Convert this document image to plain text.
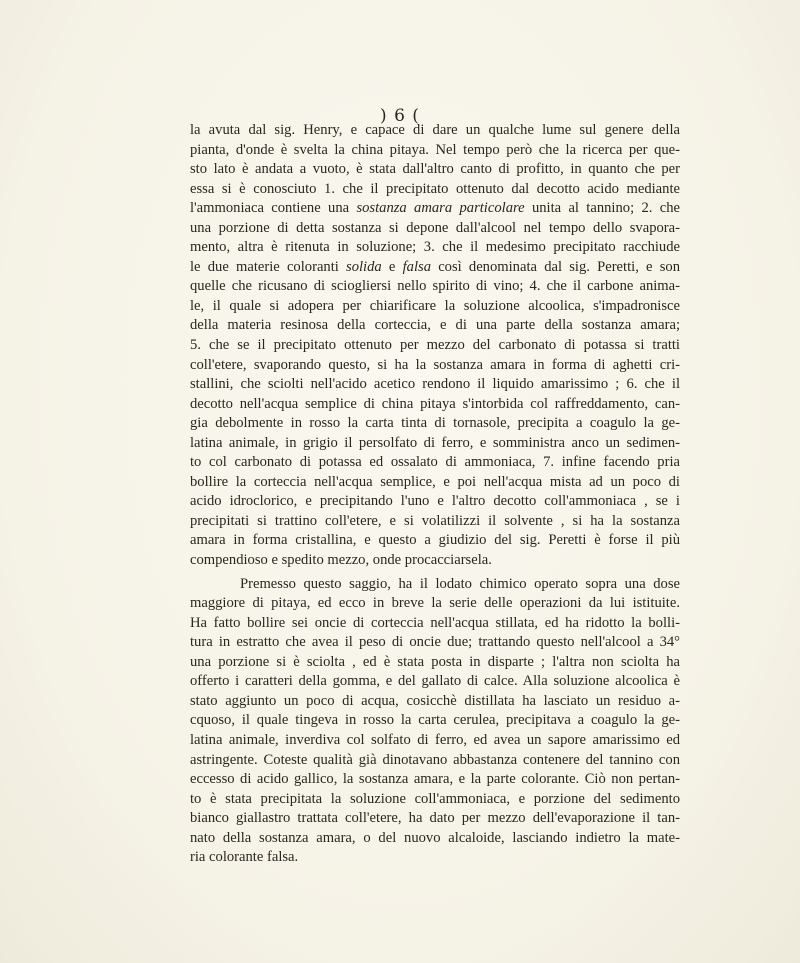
) 6 (
la avuta dal sig. Henry, e capace di dare un qualche lume sul genere della
pianta, d'onde è svelta la china pitaya. Nel tempo però che la ricerca per que-
sto lato è andata a vuoto, è stata dall'altro canto di profitto, in quanto che per
essa si è conosciuto 1. che il precipitato ottenuto dal decotto acido mediante
l'ammoniaca contiene una sostanza amara particolare unita al tannino; 2. che
una porzione di detta sostanza si depone dall'alcool nel tempo dello svapora-
mento, altra è ritenuta in soluzione; 3. che il medesimo precipitato racchiude
le due materie coloranti solida e falsa così denominata dal sig. Peretti, e son
quelle che ricusano di sciogliersi nello spirito di vino; 4. che il carbone anima-
le, il quale si adopera per chiarificare la soluzione alcoolica, s'impadronisce
della materia resinosa della corteccia, e di una parte della sostanza amara;
5. che se il precipitato ottenuto per mezzo del carbonato di potassa si tratti
coll'etere, svaporando questo, si ha la sostanza amara in forma di aghetti cri-
stallini, che sciolti nell'acido acetico rendono il liquido amarissimo ; 6. che il
decotto nell'acqua semplice di china pitaya s'intorbida col raffreddamento, can-
gia debolmente in rosso la carta tinta di tornasole, precipita a coagulo la ge-
latina animale, in grigio il persolfato di ferro, e somministra anco un sedimen-
to col carbonato di potassa ed ossalato di ammoniaca, 7. infine facendo pria
bollire la corteccia nell'acqua semplice, e poi nell'acqua mista ad un poco di
acido idroclorico, e precipitando l'uno e l'altro decotto coll'ammoniaca , se i
precipitati si trattino coll'etere, e si volatilizzi il solvente , si ha la sostanza
amara in forma cristallina, e questo a giudizio del sig. Peretti è forse il più
compendioso e spedito mezzo, onde procacciarsela.
Premesso questo saggio, ha il lodato chimico operato sopra una dose
maggiore di pitaya, ed ecco in breve la serie delle operazioni da lui istituite.
Ha fatto bollire sei oncie di corteccia nell'acqua stillata, ed ha ridotto la bolli-
tura in estratto che avea il peso di oncie due; trattando questo nell'alcool a 34°
una porzione si è sciolta , ed è stata posta in disparte ; l'altra non sciolta ha
offerto i caratteri della gomma, e del gallato di calce. Alla soluzione alcoolica è
stato aggiunto un poco di acqua, cosicchè distillata ha lasciato un residuo a-
cquoso, il quale tingeva in rosso la carta cerulea, precipitava a coagulo la ge-
latina animale, inverdiva col solfato di ferro, ed avea un sapore amarissimo ed
astringente. Coteste qualità già dinotavano abbastanza contenere del tannino con
eccesso di acido gallico, la sostanza amara, e la parte colorante. Ciò non pertan-
to è stata precipitata la soluzione coll'ammoniaca, e porzione del sedimento
bianco giallastro trattata coll'etere, ha dato per mezzo dell'evaporazione il tan-
nato della sostanza amara, o del nuovo alcaloide, lasciando indietro la mate-
ria colorante falsa.
